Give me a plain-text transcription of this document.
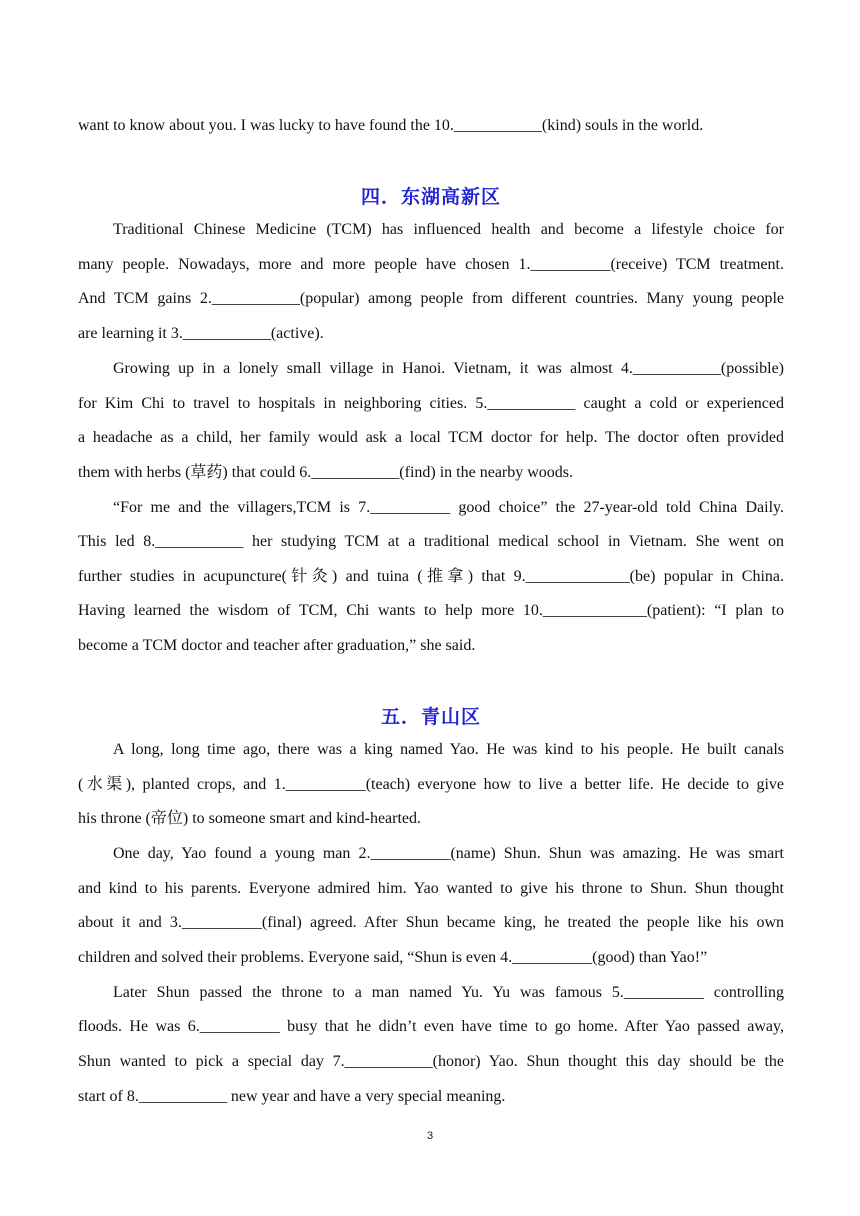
want to know about you. I was lucky to have found the 10.___________(kind) souls in the world.
四．东湖高新区
Traditional Chinese Medicine (TCM) has influenced health and become a lifestyle choice for
many people. Nowadays, more and more people have chosen 1.__________(receive) TCM treatment.
And TCM gains 2.___________(popular) among people from different countries. Many young people
are learning it 3.___________(active).
Growing up in a lonely small village in Hanoi. Vietnam, it was almost 4.___________(possible)
for Kim Chi to travel to hospitals in neighboring cities. 5.___________ caught a cold or experienced
a headache as a child, her family would ask a local TCM doctor for help. The doctor often provided
them with herbs (草药) that could 6.___________(find) in the nearby woods.
“For me and the villagers,TCM is 7.__________ good choice” the 27-year-old told China Daily.
This led 8.___________ her studying TCM at a traditional medical school in Vietnam. She went on
further studies in acupuncture(针灸) and tuina (推拿) that 9._____________(be) popular in China.
Having learned the wisdom of TCM, Chi wants to help more 10._____________(patient): “I plan to
become a TCM doctor and teacher after graduation,” she said.
五．青山区
A long, long time ago, there was a king named Yao. He was kind to his people. He built canals
(水渠), planted crops, and 1.__________(teach) everyone how to live a better life. He decide to give
his throne (帝位) to someone smart and kind-hearted.
One day, Yao found a young man 2.__________(name) Shun. Shun was amazing. He was smart
and kind to his parents. Everyone admired him. Yao wanted to give his throne to Shun. Shun thought
about it and 3.__________(final) agreed. After Shun became king, he treated the people like his own
children and solved their problems. Everyone said, “Shun is even 4.__________(good) than Yao!”
Later Shun passed the throne to a man named Yu. Yu was famous 5.__________ controlling
floods. He was 6.__________ busy that he didn’t even have time to go home. After Yao passed away,
Shun wanted to pick a special day 7.___________(honor) Yao. Shun thought this day should be the
start of 8.___________ new year and have a very special meaning.
3
